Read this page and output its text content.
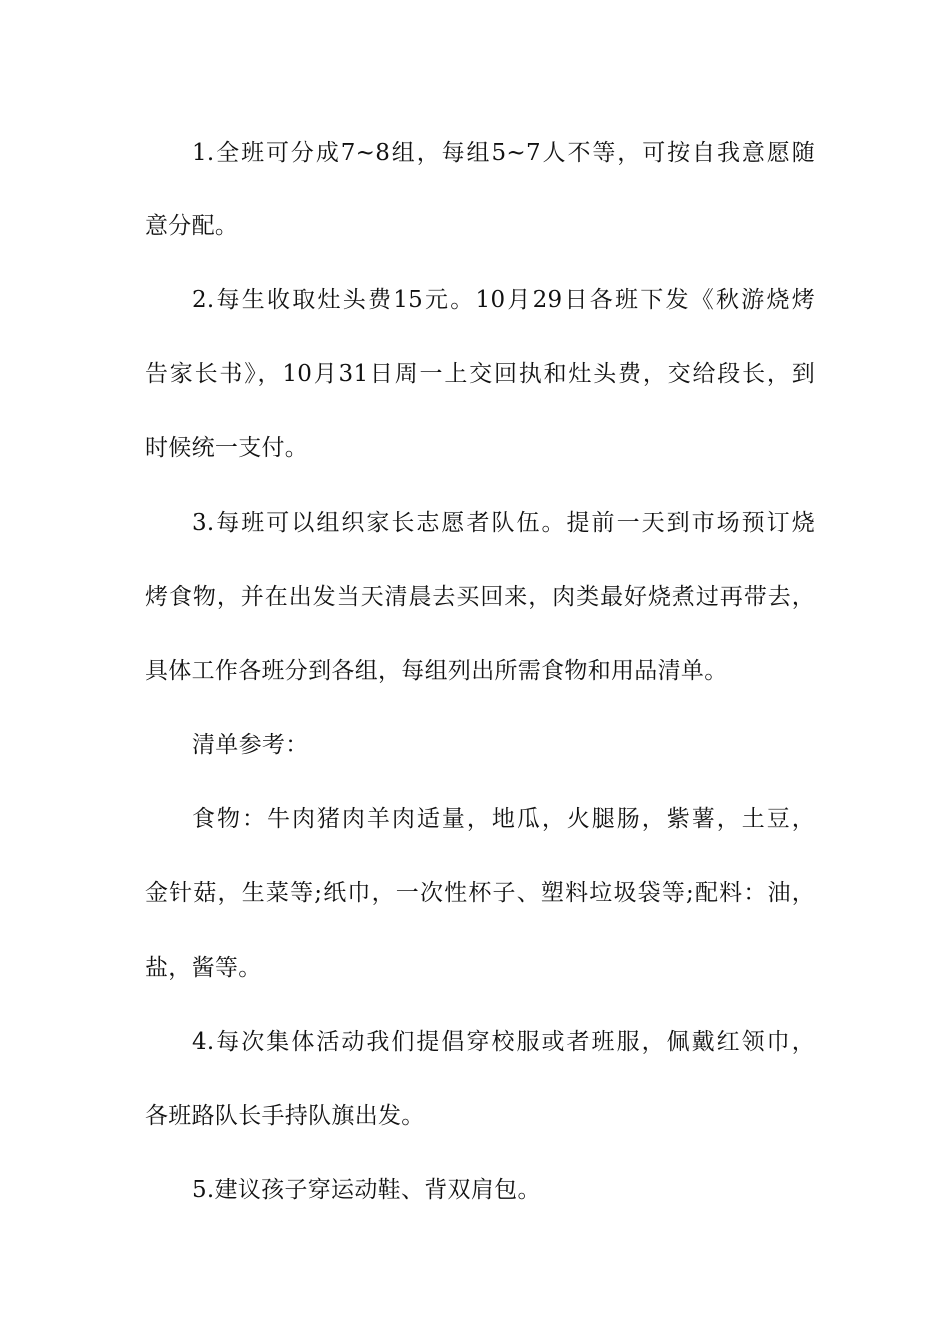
1.全班可分成7~8组，每组5~7人不等，可按自我意愿随
意分配。
2.每生收取灶头费15元。10月29日各班下发《秋游烧烤
告家长书》，10月31日周一上交回执和灶头费，交给段长，到
时候统一支付。
3.每班可以组织家长志愿者队伍。提前一天到市场预订烧
烤食物，并在出发当天清晨去买回来，肉类最好烧煮过再带去，
具体工作各班分到各组，每组列出所需食物和用品清单。
清单参考：
食物：牛肉猪肉羊肉适量，地瓜，火腿肠，紫薯，土豆，
金针菇，生菜等;纸巾，一次性杯子、塑料垃圾袋等;配料：油，
盐，酱等。
4.每次集体活动我们提倡穿校服或者班服，佩戴红领巾，
各班路队长手持队旗出发。
5.建议孩子穿运动鞋、背双肩包。
